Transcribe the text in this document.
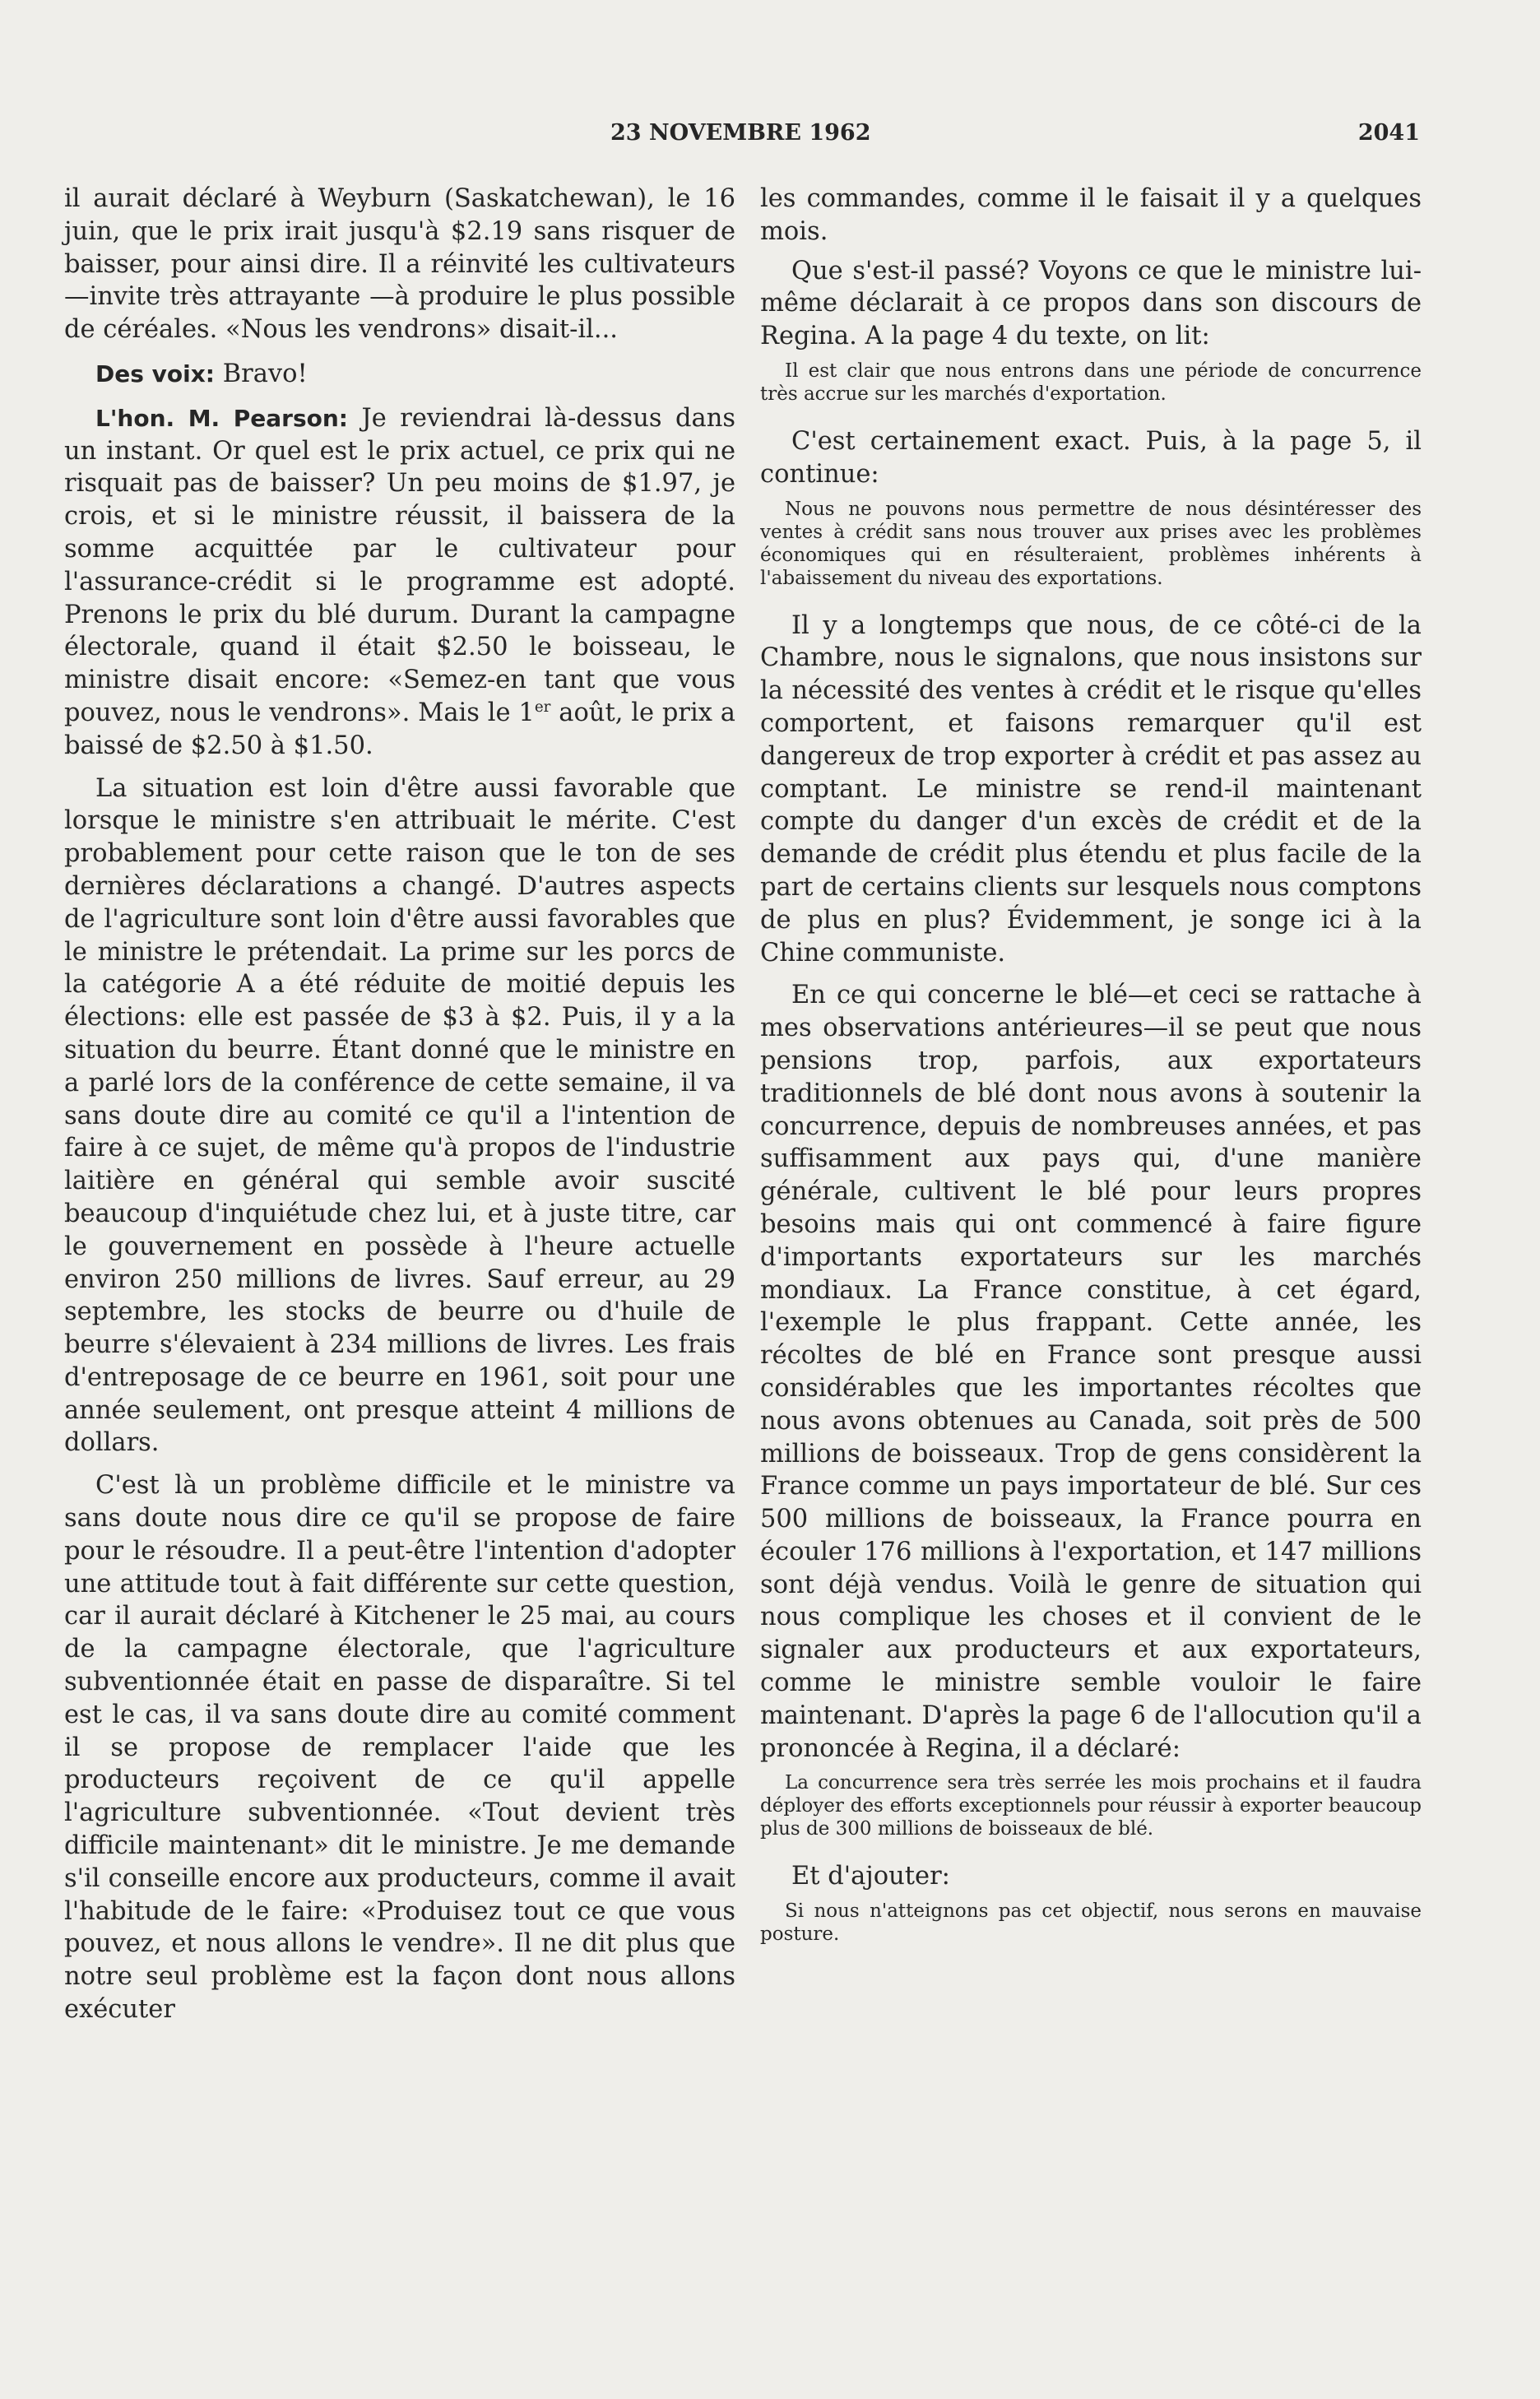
23 NOVEMBRE 1962	2041

il aurait déclaré à Weyburn (Saskatchewan), le 16 juin, que le prix irait jusqu'à $2.19 sans risquer de baisser, pour ainsi dire. Il a réinvité les cultivateurs—invite très attrayante —à produire le plus possible de céréales. «Nous les vendrons» disait-il...

Des voix: Bravo!

L'hon. M. Pearson: Je reviendrai là-dessus dans un instant. Or quel est le prix actuel, ce prix qui ne risquait pas de baisser? Un peu moins de $1.97, je crois, et si le ministre réussit, il baissera de la somme acquittée par le cultivateur pour l'assurance-crédit si le programme est adopté. Prenons le prix du blé durum. Durant la campagne électorale, quand il était $2.50 le boisseau, le ministre disait encore: «Semez-en tant que vous pouvez, nous le vendrons». Mais le 1er août, le prix a baissé de $2.50 à $1.50.

La situation est loin d'être aussi favorable que lorsque le ministre s'en attribuait le mérite. C'est probablement pour cette raison que le ton de ses dernières déclarations a changé. D'autres aspects de l'agriculture sont loin d'être aussi favorables que le ministre le prétendait. La prime sur les porcs de la catégorie A a été réduite de moitié depuis les élections: elle est passée de $3 à $2. Puis, il y a la situation du beurre. Étant donné que le ministre en a parlé lors de la conférence de cette semaine, il va sans doute dire au comité ce qu'il a l'intention de faire à ce sujet, de même qu'à propos de l'industrie laitière en général qui semble avoir suscité beaucoup d'inquiétude chez lui, et à juste titre, car le gouvernement en possède à l'heure actuelle environ 250 millions de livres. Sauf erreur, au 29 septembre, les stocks de beurre ou d'huile de beurre s'élevaient à 234 millions de livres. Les frais d'entreposage de ce beurre en 1961, soit pour une année seulement, ont presque atteint 4 millions de dollars.

C'est là un problème difficile et le ministre va sans doute nous dire ce qu'il se propose de faire pour le résoudre. Il a peut-être l'intention d'adopter une attitude tout à fait différente sur cette question, car il aurait déclaré à Kitchener le 25 mai, au cours de la campagne électorale, que l'agriculture subventionnée était en passe de disparaître. Si tel est le cas, il va sans doute dire au comité comment il se propose de remplacer l'aide que les producteurs reçoivent de ce qu'il appelle l'agriculture subventionnée. «Tout devient très difficile maintenant» dit le ministre. Je me demande s'il conseille encore aux producteurs, comme il avait l'habitude de le faire: «Produisez tout ce que vous pouvez, et nous allons le vendre». Il ne dit plus que notre seul problème est la façon dont nous allons exécuter

les commandes, comme il le faisait il y a quelques mois.

Que s'est-il passé? Voyons ce que le ministre lui-même déclarait à ce propos dans son discours de Regina. A la page 4 du texte, on lit:

Il est clair que nous entrons dans une période de concurrence très accrue sur les marchés d'exportation.

C'est certainement exact. Puis, à la page 5, il continue:

Nous ne pouvons nous permettre de nous désintéresser des ventes à crédit sans nous trouver aux prises avec les problèmes économiques qui en résulteraient, problèmes inhérents à l'abaissement du niveau des exportations.

Il y a longtemps que nous, de ce côté-ci de la Chambre, nous le signalons, que nous insistons sur la nécessité des ventes à crédit et le risque qu'elles comportent, et faisons remarquer qu'il est dangereux de trop exporter à crédit et pas assez au comptant. Le ministre se rend-il maintenant compte du danger d'un excès de crédit et de la demande de crédit plus étendu et plus facile de la part de certains clients sur lesquels nous comptons de plus en plus? Évidemment, je songe ici à la Chine communiste.

En ce qui concerne le blé—et ceci se rattache à mes observations antérieures—il se peut que nous pensions trop, parfois, aux exportateurs traditionnels de blé dont nous avons à soutenir la concurrence, depuis de nombreuses années, et pas suffisamment aux pays qui, d'une manière générale, cultivent le blé pour leurs propres besoins mais qui ont commencé à faire figure d'importants exportateurs sur les marchés mondiaux. La France constitue, à cet égard, l'exemple le plus frappant. Cette année, les récoltes de blé en France sont presque aussi considérables que les importantes récoltes que nous avons obtenues au Canada, soit près de 500 millions de boisseaux. Trop de gens considèrent la France comme un pays importateur de blé. Sur ces 500 millions de boisseaux, la France pourra en écouler 176 millions à l'exportation, et 147 millions sont déjà vendus. Voilà le genre de situation qui nous complique les choses et il convient de le signaler aux producteurs et aux exportateurs, comme le ministre semble vouloir le faire maintenant. D'après la page 6 de l'allocution qu'il a prononcée à Regina, il a déclaré:

La concurrence sera très serrée les mois prochains et il faudra déployer des efforts exceptionnels pour réussir à exporter beaucoup plus de 300 millions de boisseaux de blé.

Et d'ajouter:

Si nous n'atteignons pas cet objectif, nous serons en mauvaise posture.
